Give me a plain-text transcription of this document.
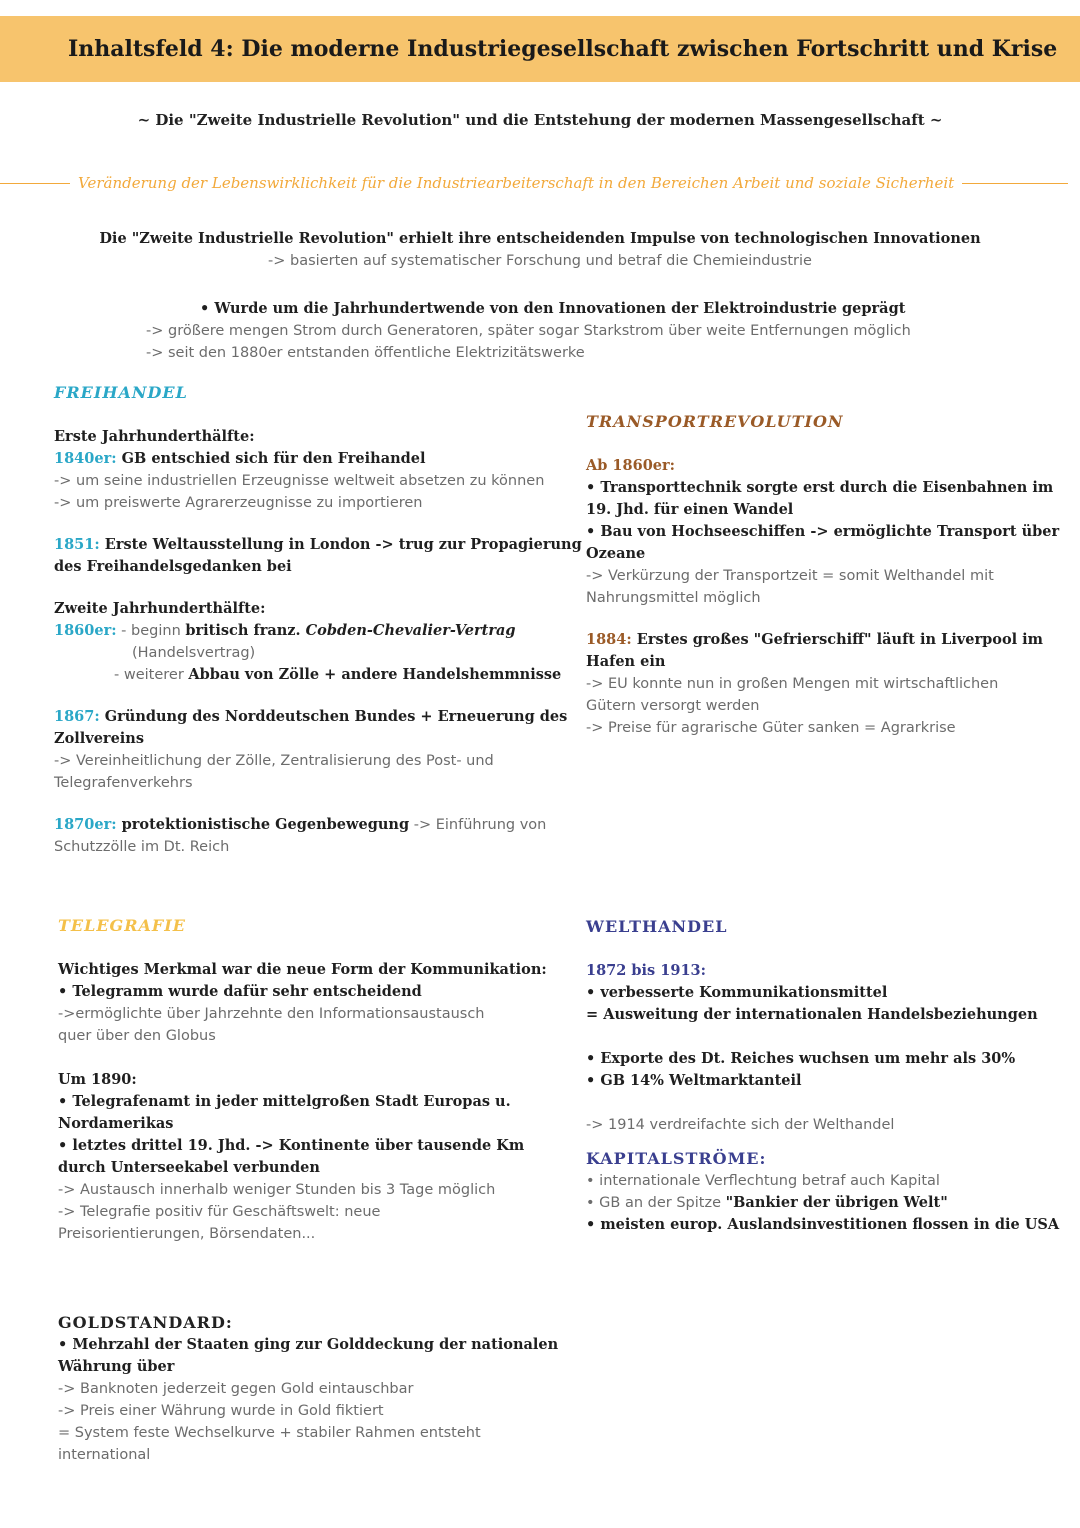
Inhaltsfeld 4: Die moderne Industriegesellschaft zwischen Fortschritt und Krise
~ Die "Zweite Industrielle Revolution" und die Entstehung der modernen Massengesellschaft ~
Veränderung der Lebenswirklichkeit für die Industriearbeiterschaft in den Bereichen Arbeit und soziale Sicherheit
Die "Zweite Industrielle Revolution" erhielt ihre entscheidenden Impulse von technologischen Innovationen
-> basierten auf systematischer Forschung und betraf die Chemieindustrie
• Wurde um die Jahrhundertwende von den Innovationen der Elektroindustrie geprägt
-> größere mengen Strom durch Generatoren, später sogar Starkstrom über weite Entfernungen möglich
-> seit den 1880er entstanden öffentliche Elektrizitätswerke
FREIHANDEL
Erste Jahrhunderthälfte:
1840er: GB entschied sich für den Freihandel
-> um seine industriellen Erzeugnisse weltweit absetzen zu können
-> um preiswerte Agrarerzeugnisse zu importieren
1851: Erste Weltausstellung in London -> trug zur Propagierung
des Freihandelsgedanken bei
Zweite Jahrhunderthälfte:
1860er: - beginn britisch franz. Cobden-Chevalier-Vertrag
(Handelsvertrag)
- weiterer Abbau von Zölle + andere Handelshemmnisse
1867: Gründung des Norddeutschen Bundes + Erneuerung des
Zollvereins
-> Vereinheitlichung der Zölle, Zentralisierung des Post- und
Telegrafenverkehrs
1870er: protektionistische Gegenbewegung -> Einführung von
Schutzzölle im Dt. Reich
TRANSPORTREVOLUTION
Ab 1860er:
• Transporttechnik sorgte erst durch die Eisenbahnen im
19. Jhd. für einen Wandel
• Bau von Hochseeschiffen -> ermöglichte Transport über
Ozeane
-> Verkürzung der Transportzeit = somit Welthandel mit
Nahrungsmittel möglich
1884: Erstes großes "Gefrierschiff" läuft in Liverpool im
Hafen ein
-> EU konnte nun in großen Mengen mit wirtschaftlichen
Gütern versorgt werden
-> Preise für agrarische Güter sanken = Agrarkrise
TELEGRAFIE
Wichtiges Merkmal war die neue Form der Kommunikation:
• Telegramm wurde dafür sehr entscheidend
->ermöglichte über Jahrzehnte den Informationsaustausch
quer über den Globus
Um 1890:
• Telegrafenamt in jeder mittelgroßen Stadt Europas u.
Nordamerikas
• letztes drittel 19. Jhd. -> Kontinente über tausende Km
durch Unterseekabel verbunden
-> Austausch innerhalb weniger Stunden bis 3 Tage möglich
-> Telegrafie positiv für Geschäftswelt: neue
Preisorientierungen, Börsendaten...
WELTHANDEL
1872 bis 1913:
• verbesserte Kommunikationsmittel
= Ausweitung der internationalen Handelsbeziehungen
• Exporte des Dt. Reiches wuchsen um mehr als 30%
• GB 14% Weltmarktanteil
-> 1914 verdreifachte sich der Welthandel
KAPITALSTRÖME:
• internationale Verflechtung betraf auch Kapital
• GB an der Spitze "Bankier der übrigen Welt"
• meisten europ. Auslandsinvestitionen flossen in die USA
GOLDSTANDARD:
• Mehrzahl der Staaten ging zur Golddeckung der nationalen
Währung über
-> Banknoten jederzeit gegen Gold eintauschbar
-> Preis einer Währung wurde in Gold fiktiert
= System feste Wechselkurve + stabiler Rahmen entsteht
international
